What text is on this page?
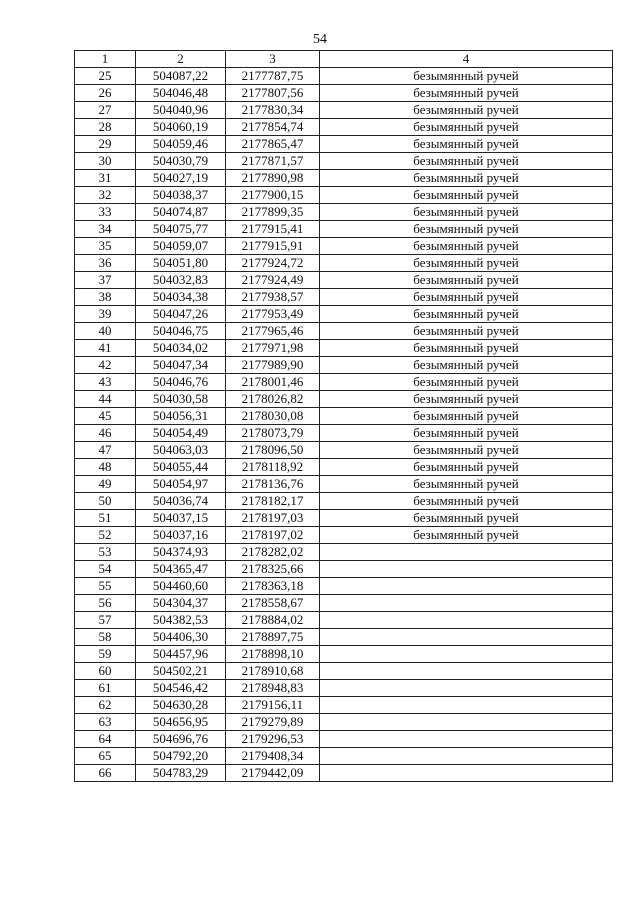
54
1	2	3	4
25	504087,22	2177787,75	безымянный ручей
26	504046,48	2177807,56	безымянный ручей
27	504040,96	2177830,34	безымянный ручей
28	504060,19	2177854,74	безымянный ручей
29	504059,46	2177865,47	безымянный ручей
30	504030,79	2177871,57	безымянный ручей
31	504027,19	2177890,98	безымянный ручей
32	504038,37	2177900,15	безымянный ручей
33	504074,87	2177899,35	безымянный ручей
34	504075,77	2177915,41	безымянный ручей
35	504059,07	2177915,91	безымянный ручей
36	504051,80	2177924,72	безымянный ручей
37	504032,83	2177924,49	безымянный ручей
38	504034,38	2177938,57	безымянный ручей
39	504047,26	2177953,49	безымянный ручей
40	504046,75	2177965,46	безымянный ручей
41	504034,02	2177971,98	безымянный ручей
42	504047,34	2177989,90	безымянный ручей
43	504046,76	2178001,46	безымянный ручей
44	504030,58	2178026,82	безымянный ручей
45	504056,31	2178030,08	безымянный ручей
46	504054,49	2178073,79	безымянный ручей
47	504063,03	2178096,50	безымянный ручей
48	504055,44	2178118,92	безымянный ручей
49	504054,97	2178136,76	безымянный ручей
50	504036,74	2178182,17	безымянный ручей
51	504037,15	2178197,03	безымянный ручей
52	504037,16	2178197,02	безымянный ручей
53	504374,93	2178282,02	
54	504365,47	2178325,66	
55	504460,60	2178363,18	
56	504304,37	2178558,67	
57	504382,53	2178884,02	
58	504406,30	2178897,75	
59	504457,96	2178898,10	
60	504502,21	2178910,68	
61	504546,42	2178948,83	
62	504630,28	2179156,11	
63	504656,95	2179279,89	
64	504696,76	2179296,53	
65	504792,20	2179408,34	
66	504783,29	2179442,09	
